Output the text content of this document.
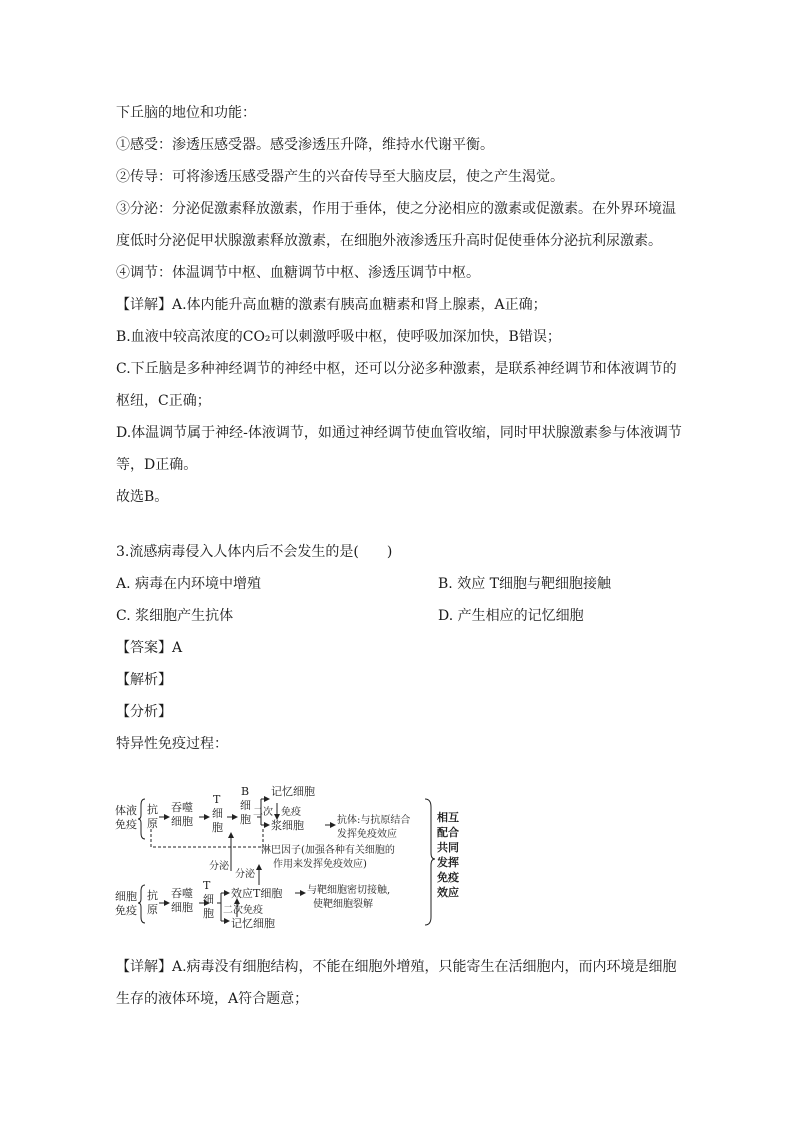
下丘脑的地位和功能：
①感受：渗透压感受器。感受渗透压升降，维持水代谢平衡。
②传导：可将渗透压感受器产生的兴奋传导至大脑皮层，使之产生渴觉。
③分泌：分泌促激素释放激素，作用于垂体，使之分泌相应的激素或促激素。在外界环境温
度低时分泌促甲状腺激素释放激素，在细胞外液渗透压升高时促使垂体分泌抗利尿激素。
④调节：体温调节中枢、血糖调节中枢、渗透压调节中枢。
【详解】A.体内能升高血糖的激素有胰高血糖素和肾上腺素，A正确；
B.血液中较高浓度的CO₂可以刺激呼吸中枢，使呼吸加深加快，B错误；
C.下丘脑是多种神经调节的神经中枢，还可以分泌多种激素，是联系神经调节和体液调节的
枢纽，C正确；
D.体温调节属于神经-体液调节，如通过神经调节使血管收缩，同时甲状腺激素参与体液调节
等，D正确。
故选B。
3.流感病毒侵入人体内后不会发生的是(　　)
A. 病毒在内环境中增殖	B. 效应 T细胞与靶细胞接触
C. 浆细胞产生抗体	D. 产生相应的记忆细胞
【答案】A
【解析】
【分析】
特异性免疫过程：
体液
免疫
抗
原
吞噬
细胞
T
细
胞
B
细
胞
记忆细胞
二次 免疫
浆细胞	抗体:与抗原结合
发挥免疫效应
分泌
分泌
淋巴因子(加强各种有关细胞的
作用来发挥免疫效应)
细胞
免疫
抗
原
吞噬
细胞
T
细
胞
效应T细胞 与靶细胞密切接触,
使靶细胞裂解
二次 免疫
记忆细胞
相互
配合
共同
发挥
免疫
效应
【详解】A.病毒没有细胞结构，不能在细胞外增殖，只能寄生在活细胞内，而内环境是细胞
生存的液体环境，A符合题意；
